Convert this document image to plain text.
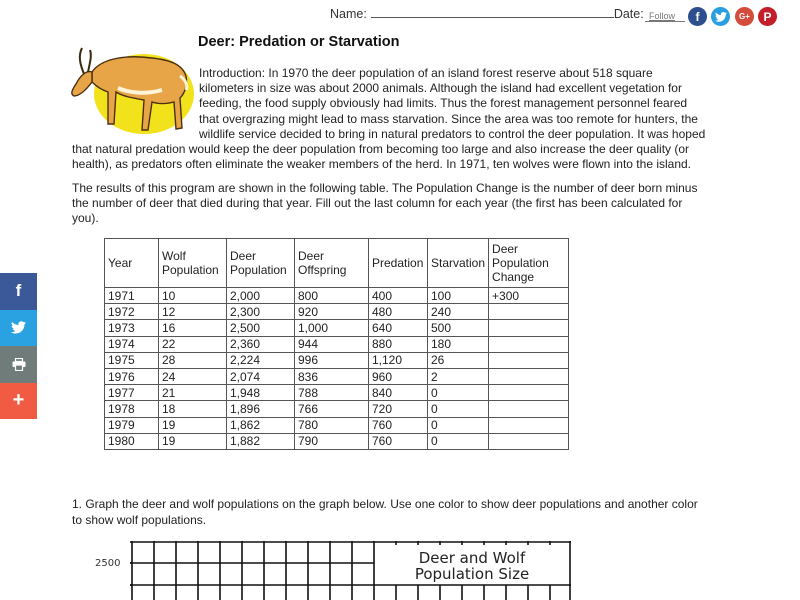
Name:	Date: Follow f	G+ P
Deer: Predation or Starvation
Introduction: In 1970 the deer population of an island forest reserve about 518 square
kilometers in size was about 2000 animals. Although the island had excellent vegetation for
feeding, the food supply obviously had limits. Thus the forest management personnel feared
that overgrazing might lead to mass starvation. Since the area was too remote for hunters, the
wildlife service decided to bring in natural predators to control the deer population. It was hoped
that natural predation would keep the deer population from becoming too large and also increase the deer quality (or
health), as predators often eliminate the weaker members of the herd. In 1971, ten wolves were flown into the island.
The results of this program are shown in the following table. The Population Change is the number of deer born minus
the number of deer that died during that year. Fill out the last column for each year (the first has been calculated for
you).
Year	Wolf Population	Deer Population	Deer Offspring	Predation	Starvation	Deer Population Change
1971	10	2,000	800	400	100	+300
1972	12	2,300	920	480	240	
1973	16	2,500	1,000	640	500	
1974	22	2,360	944	880	180	
1975	28	2,224	996	1,120	26	
1976	24	2,074	836	960	2	
1977	21	1,948	788	840	0	
1978	18	1,896	766	720	0	
1979	19	1,862	780	760	0	
1980	19	1,882	790	760	0	
1. Graph the deer and wolf populations on the graph below. Use one color to show deer populations and another color
to show wolf populations.
2500	Deer and Wolf
Population Size
f
+
